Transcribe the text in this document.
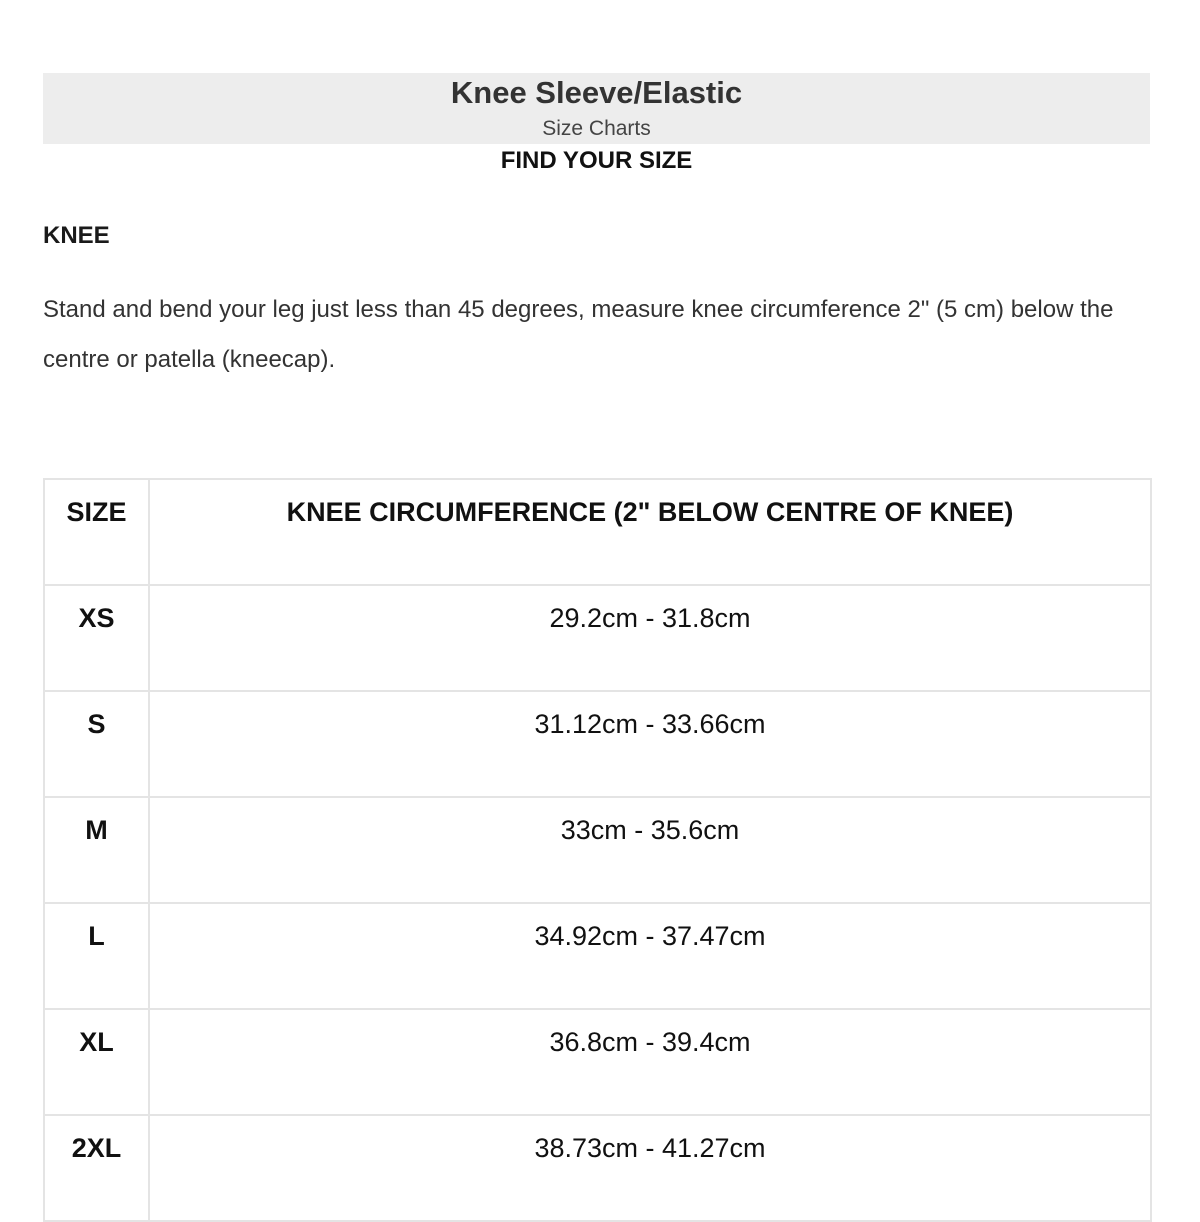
Knee Sleeve/Elastic
Size Charts
FIND YOUR SIZE
KNEE
Stand and bend your leg just less than 45 degrees, measure knee circumference 2" (5 cm) below the centre or patella (kneecap).
SIZE	KNEE CIRCUMFERENCE (2" BELOW CENTRE OF KNEE)
XS	29.2cm - 31.8cm
S	31.12cm - 33.66cm
M	33cm - 35.6cm
L	34.92cm - 37.47cm
XL	36.8cm - 39.4cm
2XL	38.73cm - 41.27cm
